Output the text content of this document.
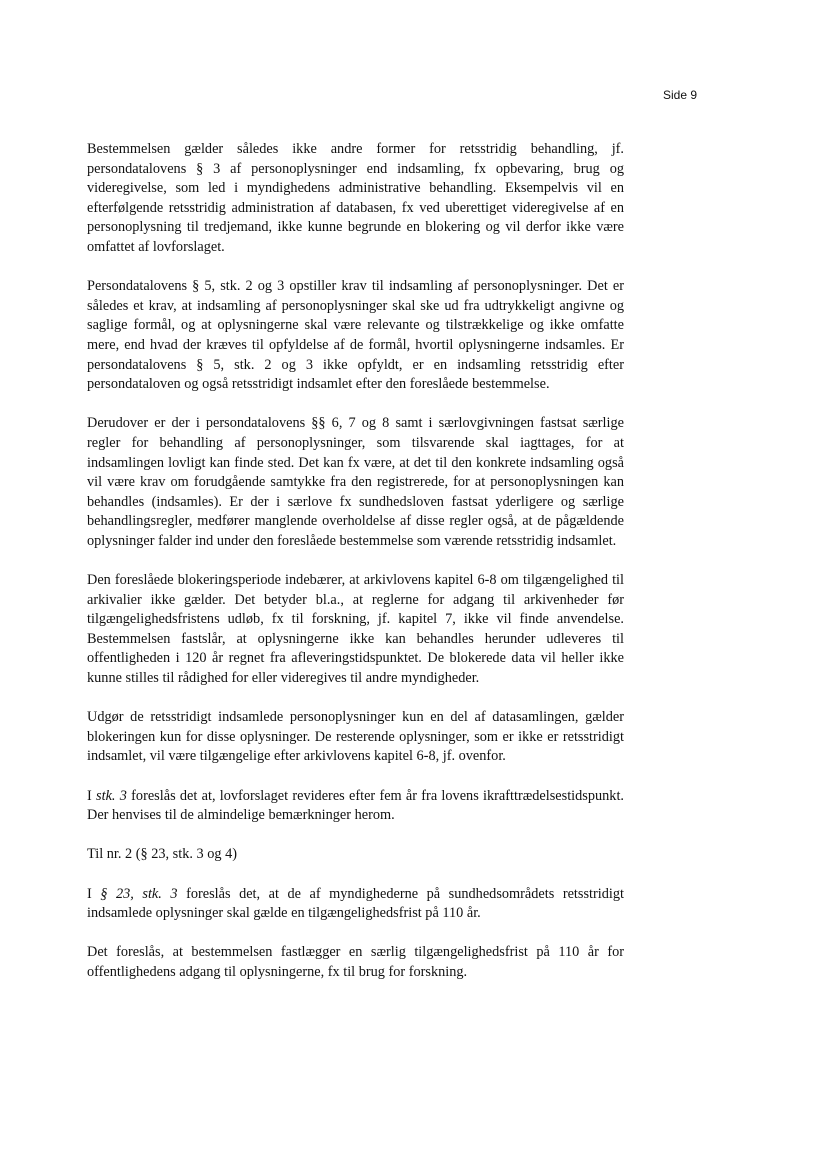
Side 9

Bestemmelsen gælder således ikke andre former for retsstridig behandling, jf. persondatalovens § 3 af personoplysninger end indsamling, fx opbevaring, brug og videregivelse, som led i myndighedens administrative behandling. Eksempelvis vil en efterfølgende retsstridig administration af databasen, fx ved uberettiget videregivelse af en personoplysning til tredjemand, ikke kunne begrunde en blokering og vil derfor ikke være omfattet af lovforslaget.

Persondatalovens § 5, stk. 2 og 3 opstiller krav til indsamling af personoplysninger. Det er således et krav, at indsamling af personoplysninger skal ske ud fra udtrykkeligt angivne og saglige formål, og at oplysningerne skal være relevante og tilstrækkelige og ikke omfatte mere, end hvad der kræves til opfyldelse af de formål, hvortil oplysningerne indsamles. Er persondatalovens § 5, stk. 2 og 3 ikke opfyldt, er en indsamling retsstridig efter persondataloven og også retsstridigt indsamlet efter den foreslåede bestemmelse.

Derudover er der i persondatalovens §§ 6, 7 og 8 samt i særlovgivningen fastsat særlige regler for behandling af personoplysninger, som tilsvarende skal iagttages, for at indsamlingen lovligt kan finde sted. Det kan fx være, at det til den konkrete indsamling også vil være krav om forudgående samtykke fra den registrerede, for at personoplysningen kan behandles (indsamles). Er der i særlove fx sundhedsloven fastsat yderligere og særlige behandlingsregler, medfører manglende overholdelse af disse regler også, at de pågældende oplysninger falder ind under den foreslåede bestemmelse som værende retsstridig indsamlet.

Den foreslåede blokeringsperiode indebærer, at arkivlovens kapitel 6-8 om tilgængelighed til arkivalier ikke gælder. Det betyder bl.a., at reglerne for adgang til arkivenheder før tilgængelighedsfristens udløb, fx til forskning, jf. kapitel 7, ikke vil finde anvendelse. Bestemmelsen fastslår, at oplysningerne ikke kan behandles herunder udleveres til offentligheden i 120 år regnet fra afleveringstidspunktet. De blokerede data vil heller ikke kunne stilles til rådighed for eller videregives til andre myndigheder.

Udgør de retsstridigt indsamlede personoplysninger kun en del af datasamlingen, gælder blokeringen kun for disse oplysninger. De resterende oplysninger, som er ikke er retsstridigt indsamlet, vil være tilgængelige efter arkivlovens kapitel 6-8, jf. ovenfor.

I stk. 3 foreslås det at, lovforslaget revideres efter fem år fra lovens ikrafttrædelsestidspunkt. Der henvises til de almindelige bemærkninger herom.

Til nr. 2 (§ 23, stk. 3 og 4)

I § 23, stk. 3 foreslås det, at de af myndighederne på sundhedsområdets retsstridigt indsamlede oplysninger skal gælde en tilgængelighedsfrist på 110 år.

Det foreslås, at bestemmelsen fastlægger en særlig tilgængelighedsfrist på 110 år for offentlighedens adgang til oplysningerne, fx til brug for forskning.
